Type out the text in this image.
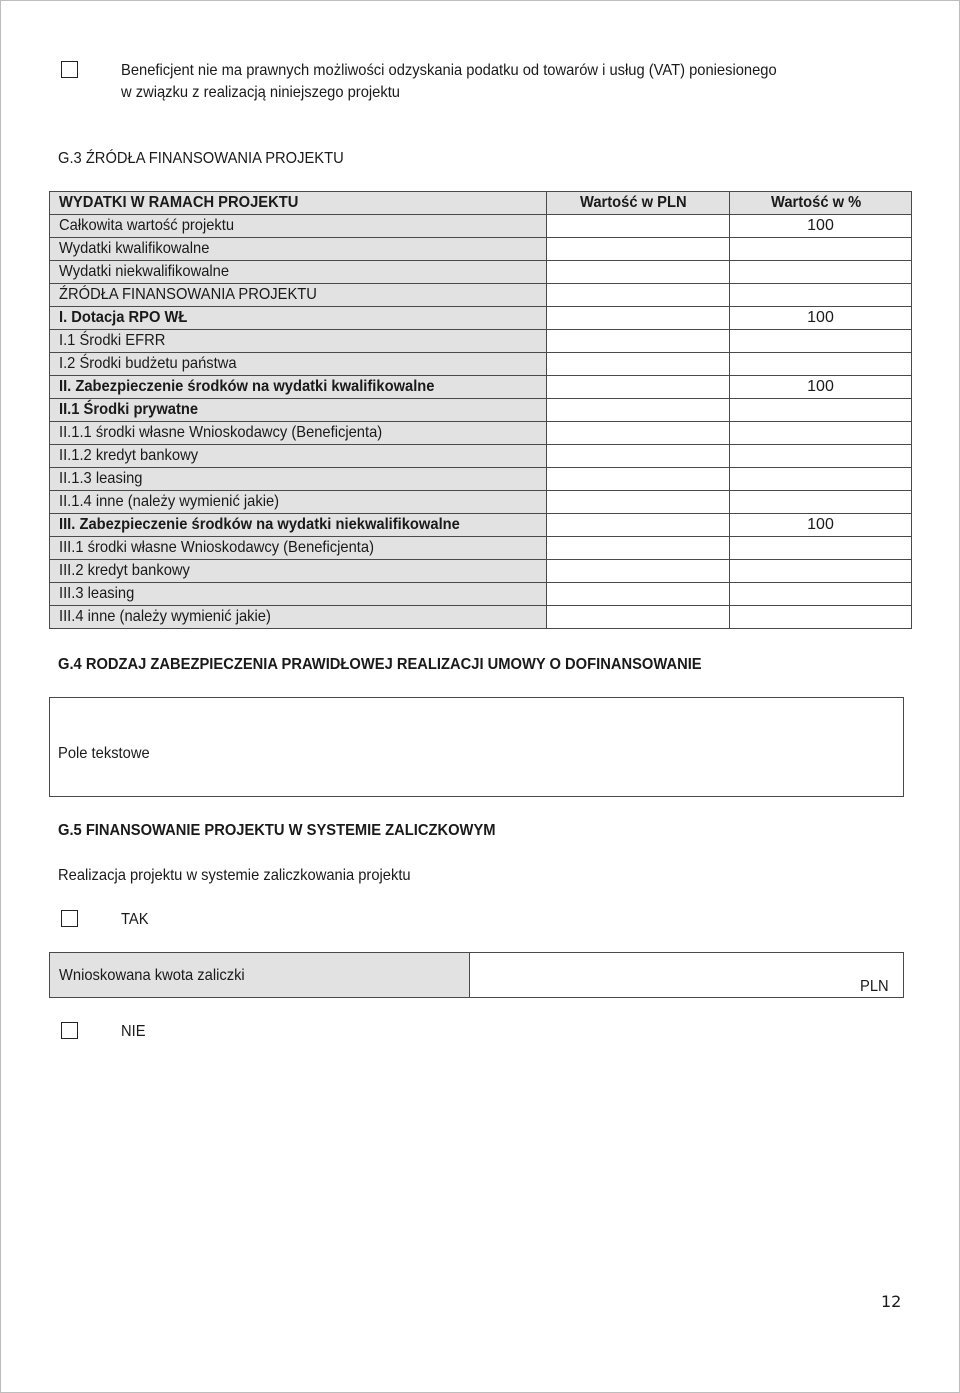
Beneficjent nie ma prawnych możliwości odzyskania podatku od towarów i usług (VAT) poniesionego
w związku z realizacją niniejszego projektu
G.3 ŹRÓDŁA FINANSOWANIA PROJEKTU
WYDATKI W RAMACH PROJEKTU	Wartość w PLN	Wartość w %
Całkowita wartość projektu		100
Wydatki kwalifikowalne		
Wydatki niekwalifikowalne		
ŹRÓDŁA FINANSOWANIA PROJEKTU		
I. Dotacja RPO WŁ		100
I.1 Środki EFRR		
I.2 Środki budżetu państwa		
II. Zabezpieczenie środków na wydatki kwalifikowalne		100
II.1 Środki prywatne		
II.1.1 środki własne Wnioskodawcy (Beneficjenta)		
II.1.2 kredyt bankowy		
II.1.3 leasing		
II.1.4 inne (należy wymienić jakie)		
III. Zabezpieczenie środków na wydatki niekwalifikowalne		100
III.1 środki własne Wnioskodawcy (Beneficjenta)		
III.2 kredyt bankowy		
III.3 leasing		
III.4 inne (należy wymienić jakie)		
G.4 RODZAJ ZABEZPIECZENIA PRAWIDŁOWEJ REALIZACJI UMOWY O DOFINANSOWANIE
Pole tekstowe
G.5 FINANSOWANIE PROJEKTU W SYSTEMIE ZALICZKOWYM
Realizacja projektu w systemie zaliczkowania projektu
TAK
Wnioskowana kwota zaliczki
PLN
NIE
12
